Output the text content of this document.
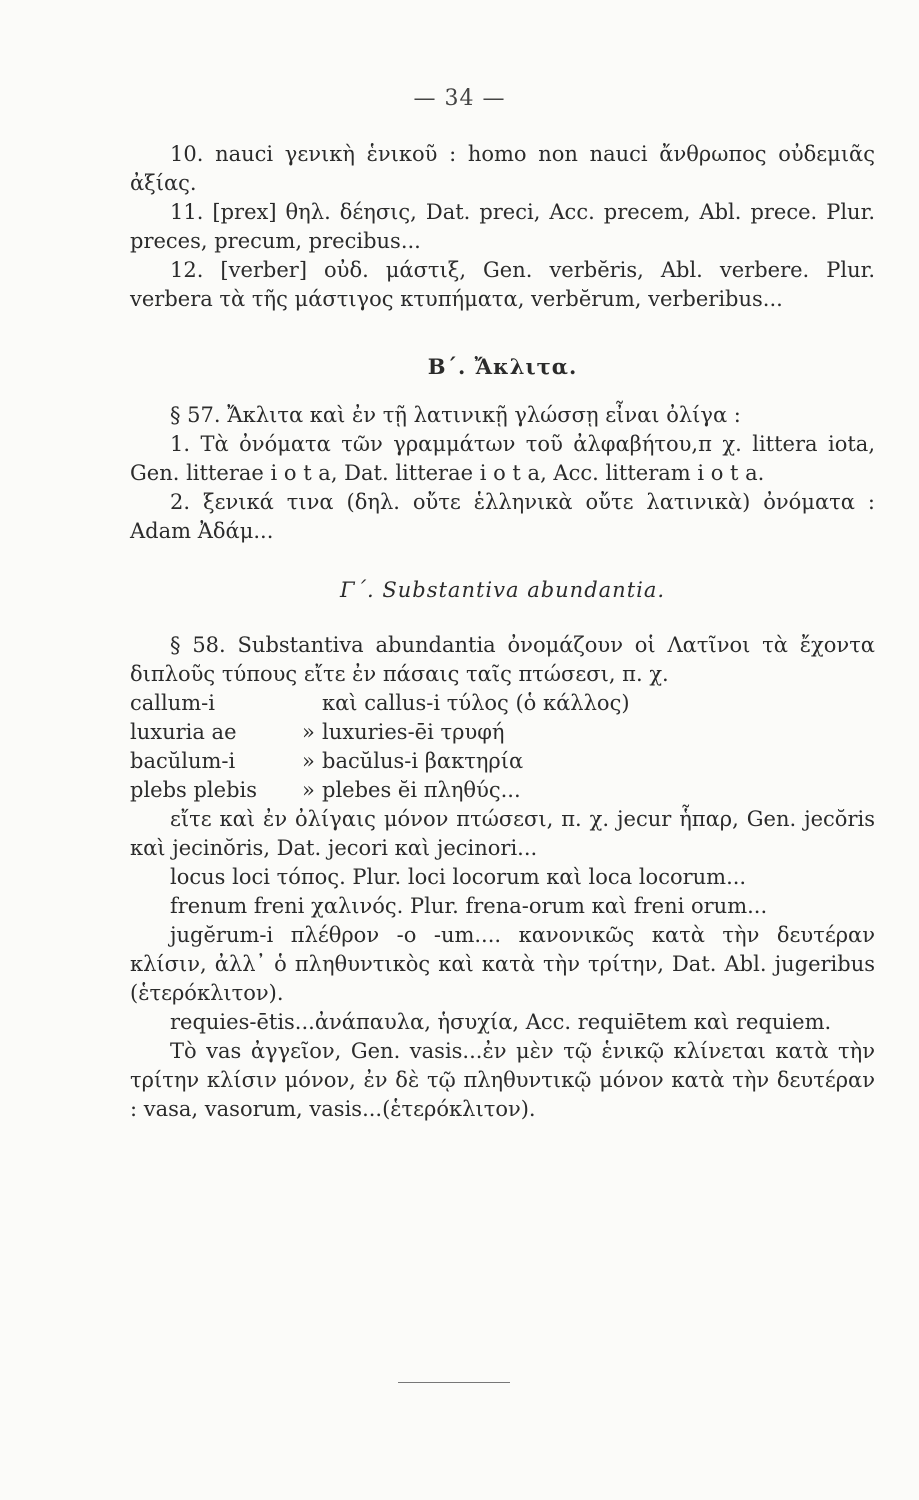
— 34 —

10. nauci γενικὴ ἑνικοῦ : homo non nauci ἄνθρωπος οὐδεμιᾶς ἀξίας.

11. [prex] θηλ. δέησις, Dat. preci, Acc. precem, Abl. prece. Plur. preces, precum, precibus...

12. [verber] οὐδ. μάστιξ, Gen. verbĕris, Abl. verbere. Plur. verbera τὰ τῆς μάστιγος κτυπήματα, verbĕrum, verberibus...

Β΄. Ἄκλιτα.

§ 57. Ἄκλιτα καὶ ἐν τῇ λατινικῇ γλώσσῃ εἶναι ὀλίγα :

1. Τὰ ὀνόματα τῶν γραμμάτων τοῦ ἀλφαβήτου,π χ. littera iota, Gen. litterae i o t a, Dat. litterae i o t a, Acc. litteram i o t a.

2. ξενικά τινα (δηλ. οὔτε ἑλληνικὰ οὔτε λατινικὰ) ὀνόματα : Adam Ἀδάμ...

Γ΄. Substantiva abundantia.

§ 58. Substantiva abundantia ὀνομάζουν οἱ Λατῖνοι τὰ ἔχοντα διπλοῦς τύπους εἴτε ἐν πάσαις ταῖς πτώσεσι, π. χ.

callum-i	καὶ callus-i τύλος (ὁ κάλλος)
luxuria ae	» luxuries-ēi τρυφή
bacŭlum-i	» bacŭlus-i βακτηρία
plebs plebis	» plebes ĕi πληθύς...

εἴτε καὶ ἐν ὀλίγαις μόνον πτώσεσι, π. χ. jecur ἧπαρ, Gen. jecŏris καὶ jecinŏris, Dat. jecori καὶ jecinori...

locus loci τόπος. Plur. loci locorum καὶ loca locorum...

frenum freni χαλινός. Plur. frena-orum καὶ freni orum...

jugĕrum-i πλέθρον -o -um.... κανονικῶς κατὰ τὴν δευτέραν κλίσιν, ἀλλ᾽ ὁ πληθυντικὸς καὶ κατὰ τὴν τρίτην, Dat. Abl. jugeribus (ἑτερόκλιτον).

requies-ētis...ἀνάπαυλα, ἡσυχία, Acc. requiētem καὶ requiem.

Τὸ vas ἀγγεῖον, Gen. vasis...ἐν μὲν τῷ ἑνικῷ κλίνεται κατὰ τὴν τρίτην κλίσιν μόνον, ἐν δὲ τῷ πληθυντικῷ μόνον κατὰ τὴν δευτέραν : vasa, vasorum, vasis...(ἑτερόκλιτον).
